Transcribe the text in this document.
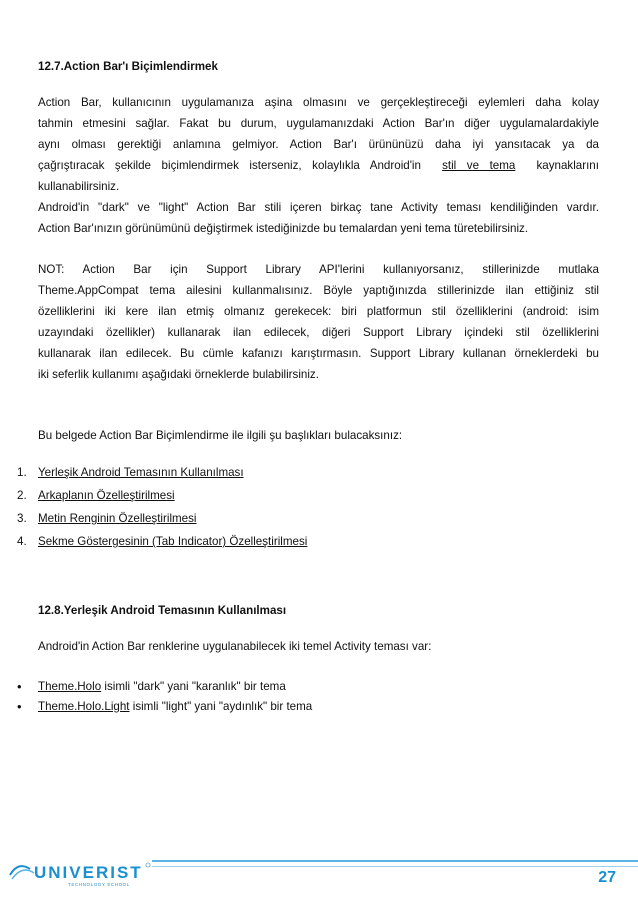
12.7.Action Bar'ı Biçimlendirmek
Action Bar, kullanıcının uygulamanıza aşina olmasını ve gerçekleştireceği eylemleri daha kolay
tahmin etmesini sağlar. Fakat bu durum, uygulamanızdaki Action Bar'ın diğer uygulamalardakiyle
aynı olması gerektiği anlamına gelmiyor. Action Bar'ı ürününüzü daha iyi yansıtacak ya da
çağrıştıracak şekilde biçimlendirmek isterseniz, kolaylıkla Android'in stil ve tema kaynaklarını
kullanabilirsiniz.
Android'in "dark" ve "light" Action Bar stili içeren birkaç tane Activity teması kendiliğinden vardır.
Action Bar'ınızın görünümünü değiştirmek istediğinizde bu temalardan yeni tema türetebilirsiniz.
NOT: Action Bar için Support Library API'lerini kullanıyorsanız, stillerinizde mutlaka
Theme.AppCompat tema ailesini kullanmalısınız. Böyle yaptığınızda stillerinizde ilan ettiğiniz stil
özelliklerini iki kere ilan etmiş olmanız gerekecek: biri platformun stil özelliklerini (android: isim
uzayındaki özellikler) kullanarak ilan edilecek, diğeri Support Library içindeki stil özelliklerini
kullanarak ilan edilecek. Bu cümle kafanızı karıştırmasın. Support Library kullanan örneklerdeki bu
iki seferlik kullanımı aşağıdaki örneklerde bulabilirsiniz.
Bu belgede Action Bar Biçimlendirme ile ilgili şu başlıkları bulacaksınız:
1. Yerleşik Android Temasının Kullanılması
2. Arkaplanın Özelleştirilmesi
3. Metin Renginin Özelleştirilmesi
4. Sekme Göstergesinin (Tab Indicator) Özelleştirilmesi
12.8.Yerleşik Android Temasının Kullanılması
Android'in Action Bar renklerine uygulanabilecek iki temel Activity teması var:
• Theme.Holo isimli "dark" yani "karanlık" bir tema
• Theme.Holo.Light isimli "light" yani "aydınlık" bir tema
UNIVERIST
TECHNOLOGY SCHOOL	27
